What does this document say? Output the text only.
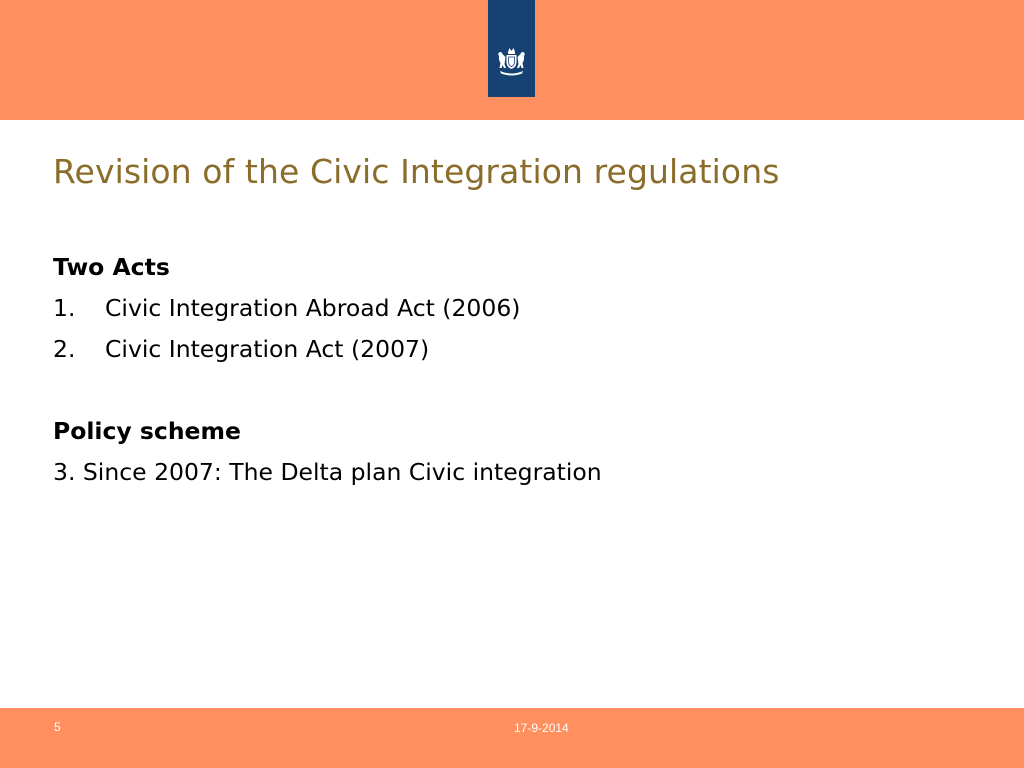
Revision of the Civic Integration regulations
Two Acts
1. Civic Integration Abroad Act (2006)
2. Civic Integration Act (2007)
Policy scheme
3. Since 2007: The Delta plan Civic integration
5	17-9-2014
